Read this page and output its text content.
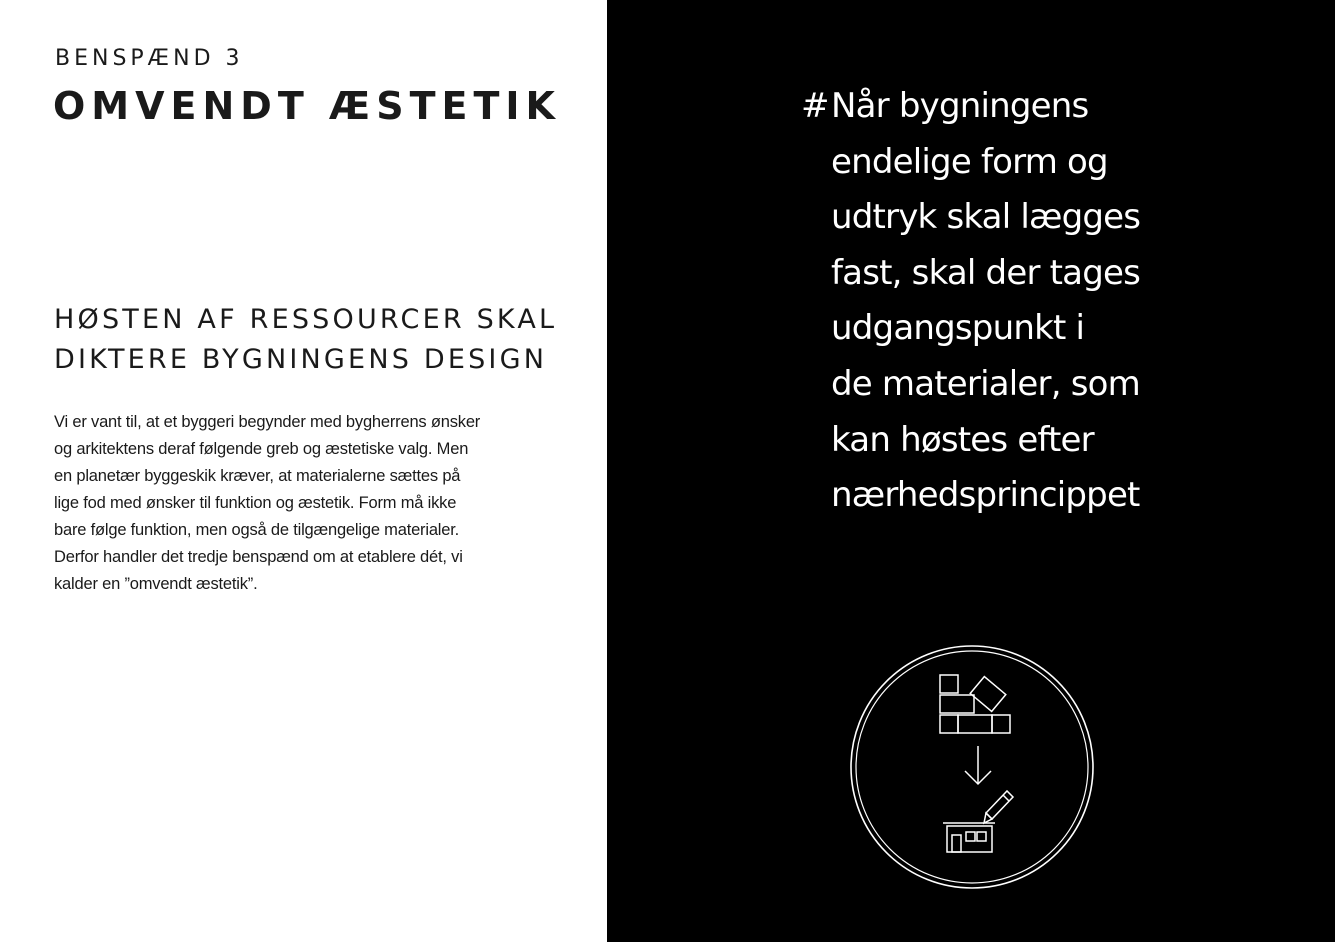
BENSPÆND 3
OMVENDT ÆSTETIK
HØSTEN AF RESSOURCER SKAL
DIKTERE BYGNINGENS DESIGN

Vi er vant til, at et byggeri begynder med bygherrens ønsker

og arkitektens deraf følgende greb og æstetiske valg. Men

en planetær byggeskik kræver, at materialerne sættes på

lige fod med ønsker til funktion og æstetik. Form må ikke

bare følge funktion, men også de tilgængelige materialer.

Derfor handler det tredje benspænd om at etablere dét, vi

kalder en ”omvendt æstetik”.

# Når bygningens

endelige form og

udtryk skal lægges

fast, skal der tages

udgangspunkt i

de materialer, som

kan høstes efter

nærhedsprincippet
